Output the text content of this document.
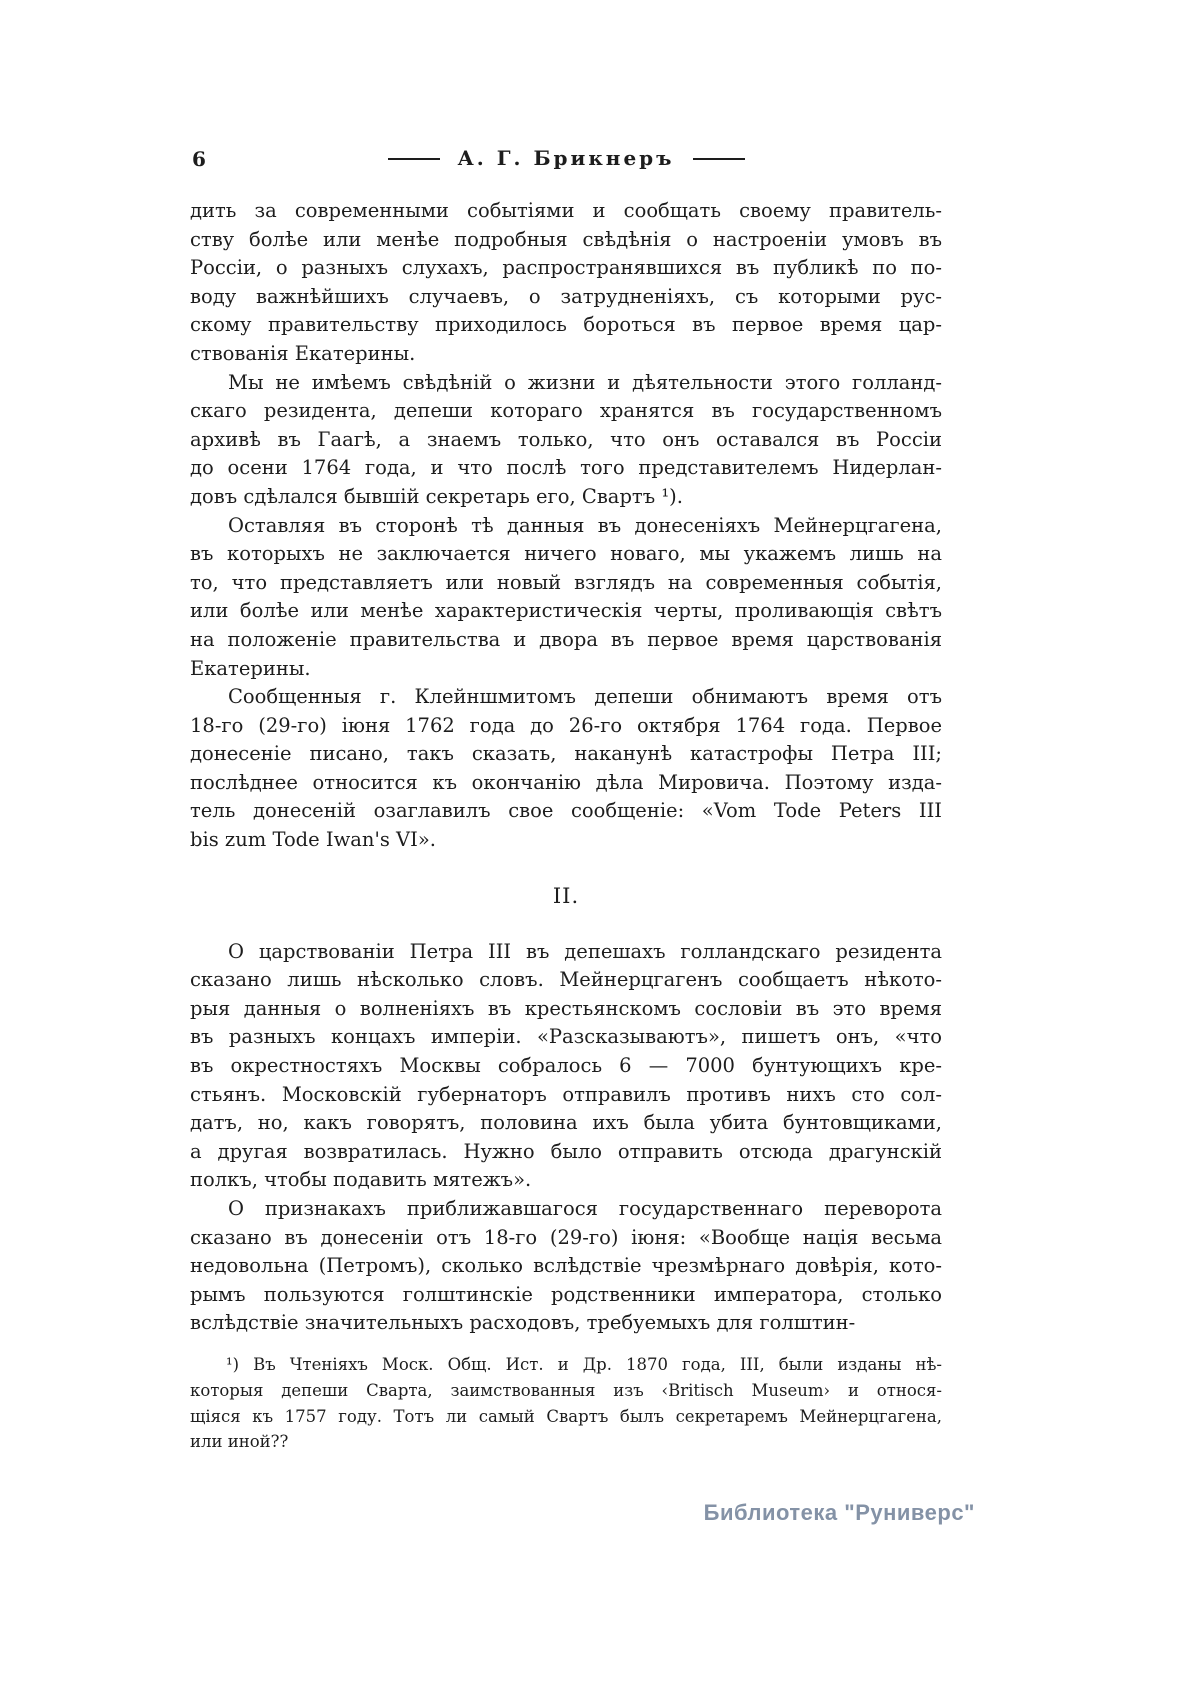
6	А. Г. Брикнеръ
дить за современными событіями и сообщать своему правитель-
ству болѣе или менѣе подробныя свѣдѣнія о настроеніи умовъ въ
Россіи, о разныхъ слухахъ, распространявшихся въ публикѣ по по-
воду важнѣйшихъ случаевъ, о затрудненіяхъ, съ которыми рус-
скому правительству приходилось бороться въ первое время цар-
ствованія Екатерины.
Мы не имѣемъ свѣдѣній о жизни и дѣятельности этого голланд-
скаго резидента, депеши котораго хранятся въ государственномъ
архивѣ въ Гаагѣ, а знаемъ только, что онъ оставался въ Россіи
до осени 1764 года, и что послѣ того представителемъ Нидерлан-
довъ сдѣлался бывшій секретарь его, Свартъ ¹).
Оставляя въ сторонѣ тѣ данныя въ донесеніяхъ Мейнерцгагена,
въ которыхъ не заключается ничего новаго, мы укажемъ лишь на
то, что представляетъ или новый взглядъ на современныя событія,
или болѣе или менѣе характеристическія черты, проливающія свѣтъ
на положеніе правительства и двора въ первое время царствованія
Екатерины.
Сообщенныя г. Клейншмитомъ депеши обнимаютъ время отъ
18-го (29-го) іюня 1762 года до 26-го октября 1764 года. Первое
донесеніе писано, такъ сказать, наканунѣ катастрофы Петра III;
послѣднее относится къ окончанію дѣла Мировича. Поэтому изда-
тель донесеній озаглавилъ свое сообщеніе: «Vom Tode Peters III
bis zum Tode Iwan's VI».
II.
О царствованіи Петра III въ депешахъ голландскаго резидента
сказано лишь нѣсколько словъ. Мейнерцгагенъ сообщаетъ нѣкото-
рыя данныя о волненіяхъ въ крестьянскомъ сословіи въ это время
въ разныхъ концахъ имперіи. «Разсказываютъ», пишетъ онъ, «что
въ окрестностяхъ Москвы собралось 6 — 7000 бунтующихъ кре-
стьянъ. Московскій губернаторъ отправилъ противъ нихъ сто сол-
датъ, но, какъ говорятъ, половина ихъ была убита бунтовщиками,
а другая возвратилась. Нужно было отправить отсюда драгунскій
полкъ, чтобы подавить мятежъ».
О признакахъ приближавшагося государственнаго переворота
сказано въ донесеніи отъ 18-го (29-го) іюня: «Вообще нація весьма
недовольна (Петромъ), сколько вслѣдствіе чрезмѣрнаго довѣрія, кото-
рымъ пользуются голштинскіе родственники императора, столько
вслѣдствіе значительныхъ расходовъ, требуемыхъ для голштин-
¹) Въ Чтеніяхъ Моск. Общ. Ист. и Др. 1870 года, III, были изданы нѣ-
которыя депеши Сварта, заимствованныя изъ ‹Britisch Museum› и относя-
щіяся къ 1757 году. Тотъ ли самый Свартъ былъ секретаремъ Мейнерцгагена,
или иной??
Библиотека "Руниверс"
